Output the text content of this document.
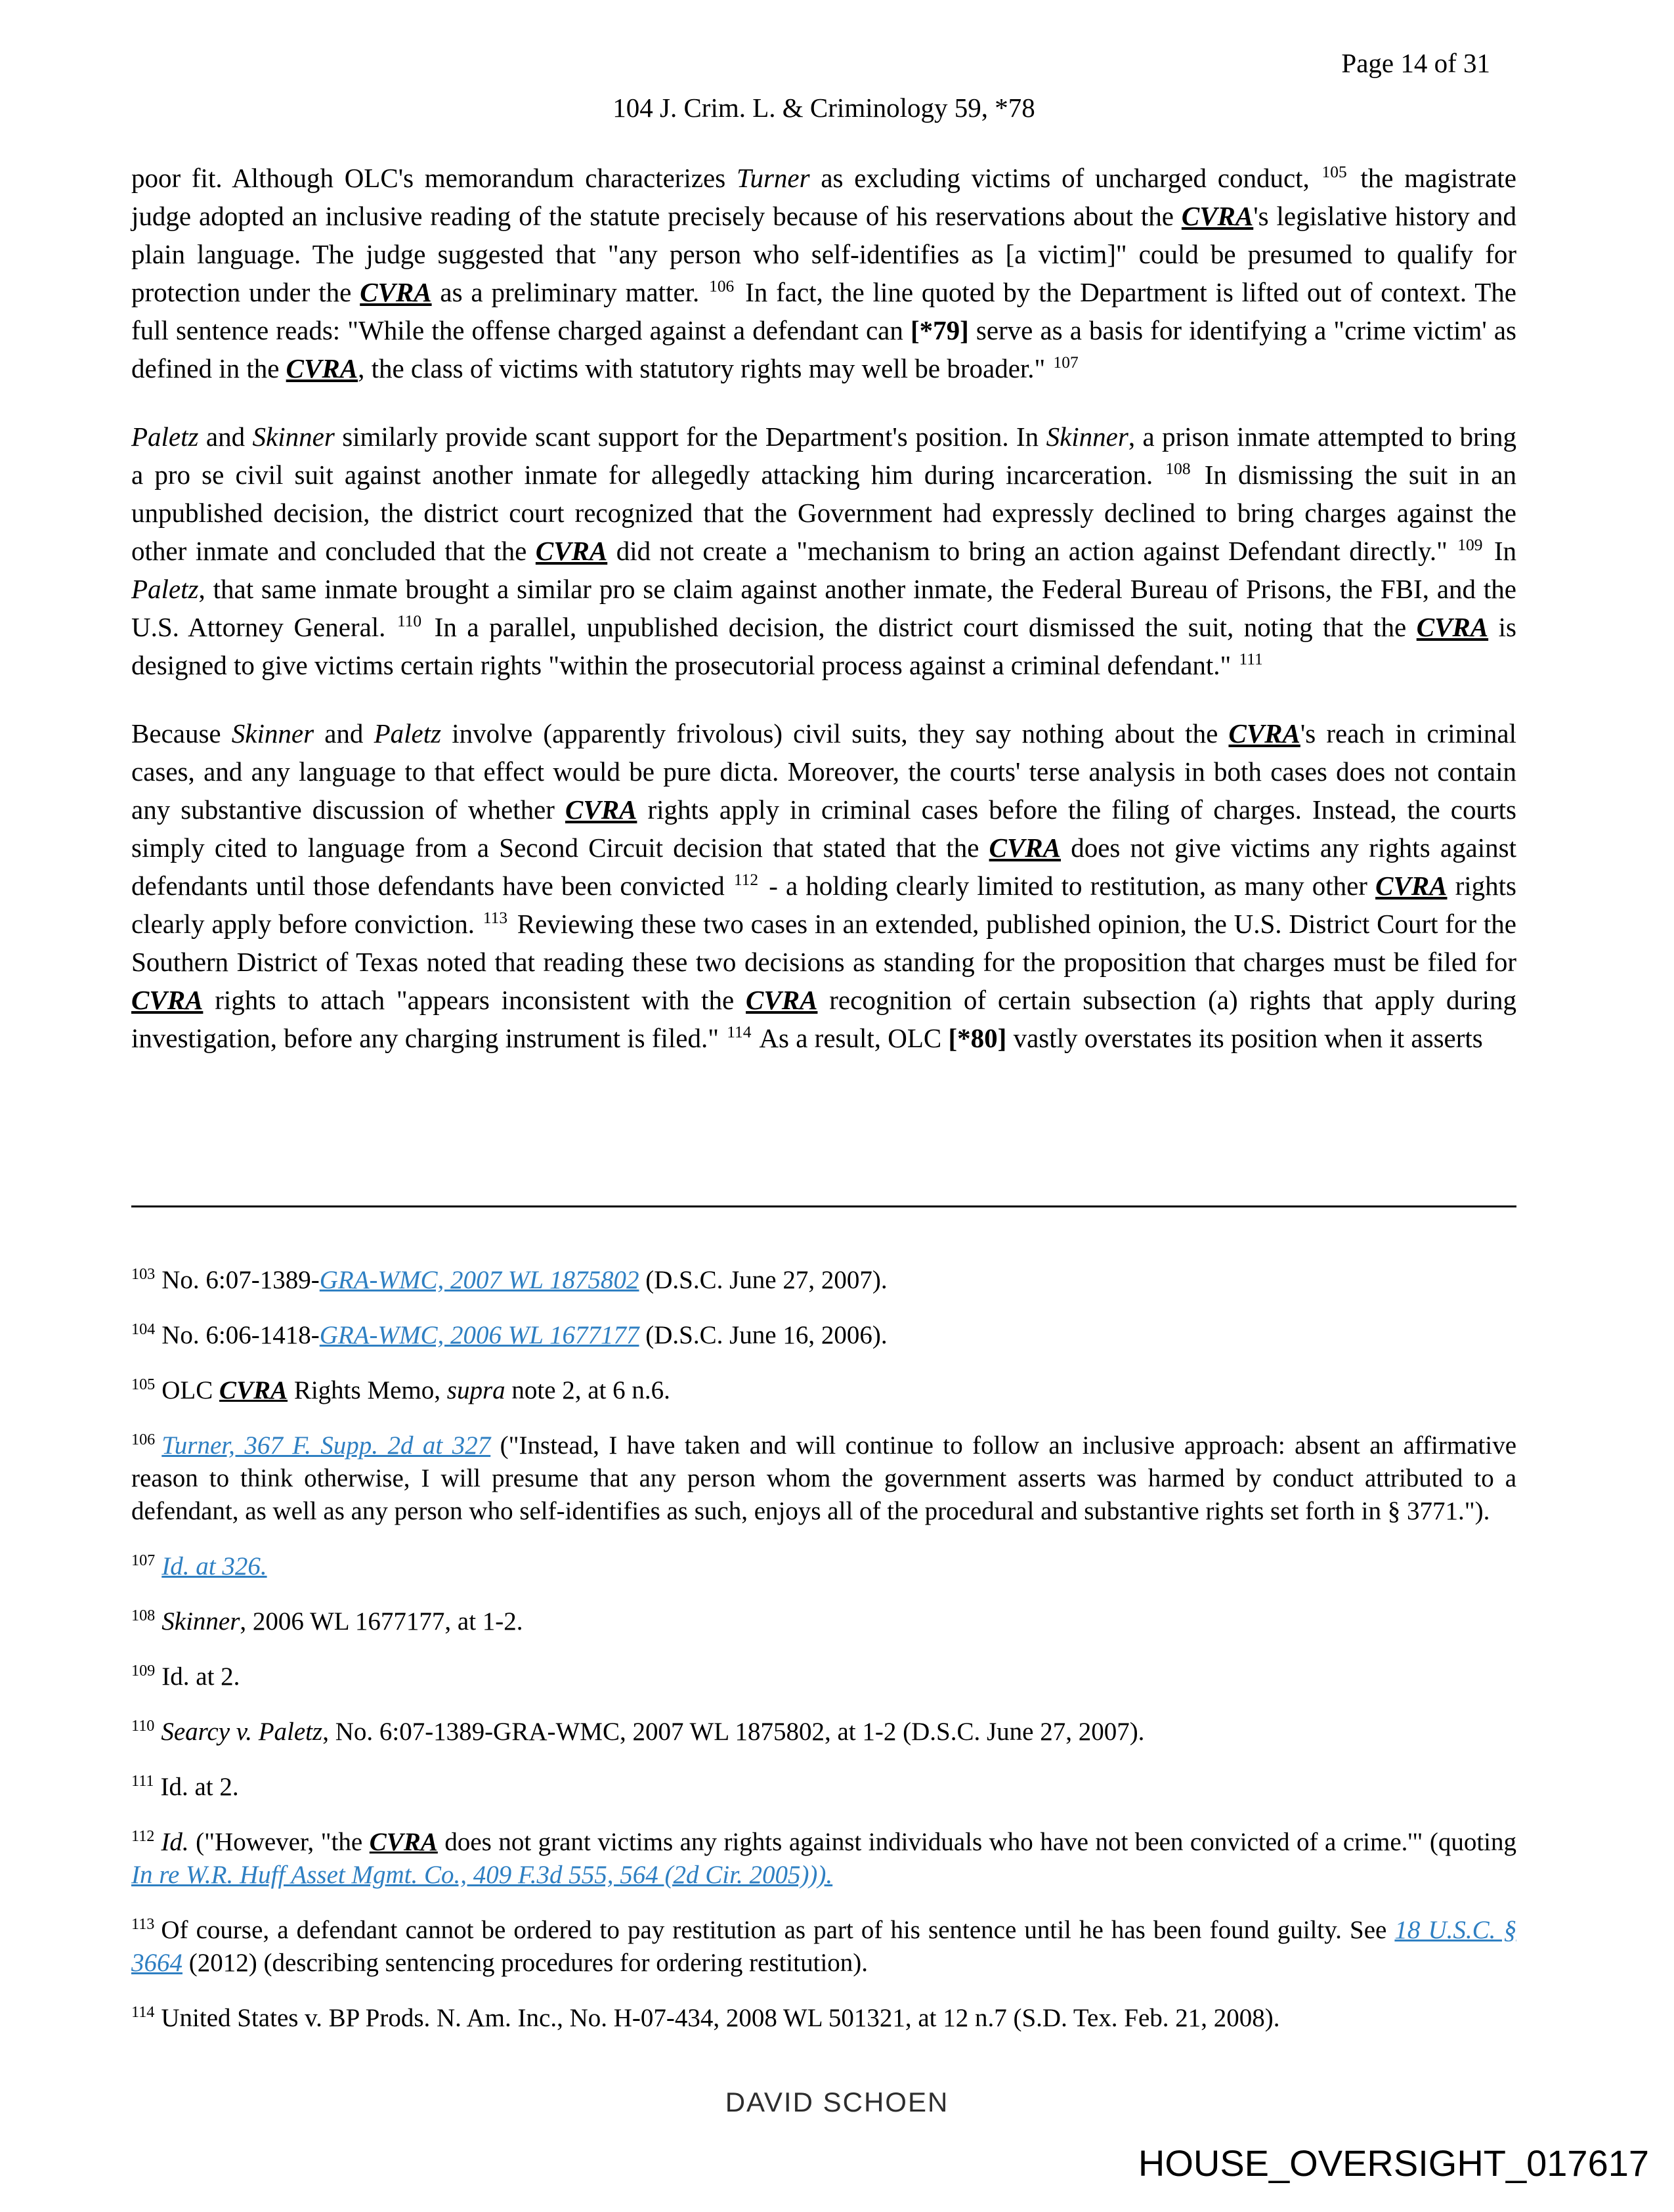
Page 14 of 31
104 J. Crim. L. & Criminology 59, *78

poor fit. Although OLC's memorandum characterizes Turner as excluding victims of uncharged conduct, $^{105}$ the magistrate judge adopted an inclusive reading of the statute precisely because of his reservations about the CVRA's legislative history and plain language. The judge suggested that "any person who self-identifies as [a victim]" could be presumed to qualify for protection under the CVRA as a preliminary matter. $^{106}$ In fact, the line quoted by the Department is lifted out of context. The full sentence reads: "While the offense charged against a defendant can [*79] serve as a basis for identifying a "crime victim' as defined in the CVRA, the class of victims with statutory rights may well be broader." $^{107}$

Paletz and Skinner similarly provide scant support for the Department's position. In Skinner, a prison inmate attempted to bring a pro se civil suit against another inmate for allegedly attacking him during incarceration. $^{108}$ In dismissing the suit in an unpublished decision, the district court recognized that the Government had expressly declined to bring charges against the other inmate and concluded that the CVRA did not create a "mechanism to bring an action against Defendant directly." $^{109}$ In Paletz, that same inmate brought a similar pro se claim against another inmate, the Federal Bureau of Prisons, the FBI, and the U.S. Attorney General. $^{110}$ In a parallel, unpublished decision, the district court dismissed the suit, noting that the CVRA is designed to give victims certain rights "within the prosecutorial process against a criminal defendant." $^{111}$

Because Skinner and Paletz involve (apparently frivolous) civil suits, they say nothing about the CVRA's reach in criminal cases, and any language to that effect would be pure dicta. Moreover, the courts' terse analysis in both cases does not contain any substantive discussion of whether CVRA rights apply in criminal cases before the filing of charges. Instead, the courts simply cited to language from a Second Circuit decision that stated that the CVRA does not give victims any rights against defendants until those defendants have been convicted $^{112}$ - a holding clearly limited to restitution, as many other CVRA rights clearly apply before conviction. $^{113}$ Reviewing these two cases in an extended, published opinion, the U.S. District Court for the Southern District of Texas noted that reading these two decisions as standing for the proposition that charges must be filed for CVRA rights to attach "appears inconsistent with the CVRA recognition of certain subsection (a) rights that apply during investigation, before any charging instrument is filed." $^{114}$ As a result, OLC [*80] vastly overstates its position when it asserts

$^{103}$ No. 6:07-1389-GRA-WMC, 2007 WL 1875802 (D.S.C. June 27, 2007).
$^{104}$ No. 6:06-1418-GRA-WMC, 2006 WL 1677177 (D.S.C. June 16, 2006).
$^{105}$ OLC CVRA Rights Memo, supra note 2, at 6 n.6.
$^{106}$ Turner, 367 F. Supp. 2d at 327 ("Instead, I have taken and will continue to follow an inclusive approach: absent an affirmative reason to think otherwise, I will presume that any person whom the government asserts was harmed by conduct attributed to a defendant, as well as any person who self-identifies as such, enjoys all of the procedural and substantive rights set forth in § 3771.").
$^{107}$ Id. at 326.
$^{108}$ Skinner, 2006 WL 1677177, at 1-2.
$^{109}$ Id. at 2.
$^{110}$ Searcy v. Paletz, No. 6:07-1389-GRA-WMC, 2007 WL 1875802, at 1-2 (D.S.C. June 27, 2007).
$^{111}$ Id. at 2.
$^{112}$ Id. ("However, "the CVRA does not grant victims any rights against individuals who have not been convicted of a crime.'" (quoting In re W.R. Huff Asset Mgmt. Co., 409 F.3d 555, 564 (2d Cir. 2005))).
$^{113}$ Of course, a defendant cannot be ordered to pay restitution as part of his sentence until he has been found guilty. See 18 U.S.C. § 3664 (2012) (describing sentencing procedures for ordering restitution).
$^{114}$ United States v. BP Prods. N. Am. Inc., No. H-07-434, 2008 WL 501321, at 12 n.7 (S.D. Tex. Feb. 21, 2008).
DAVID SCHOEN
HOUSE_OVERSIGHT_017617
